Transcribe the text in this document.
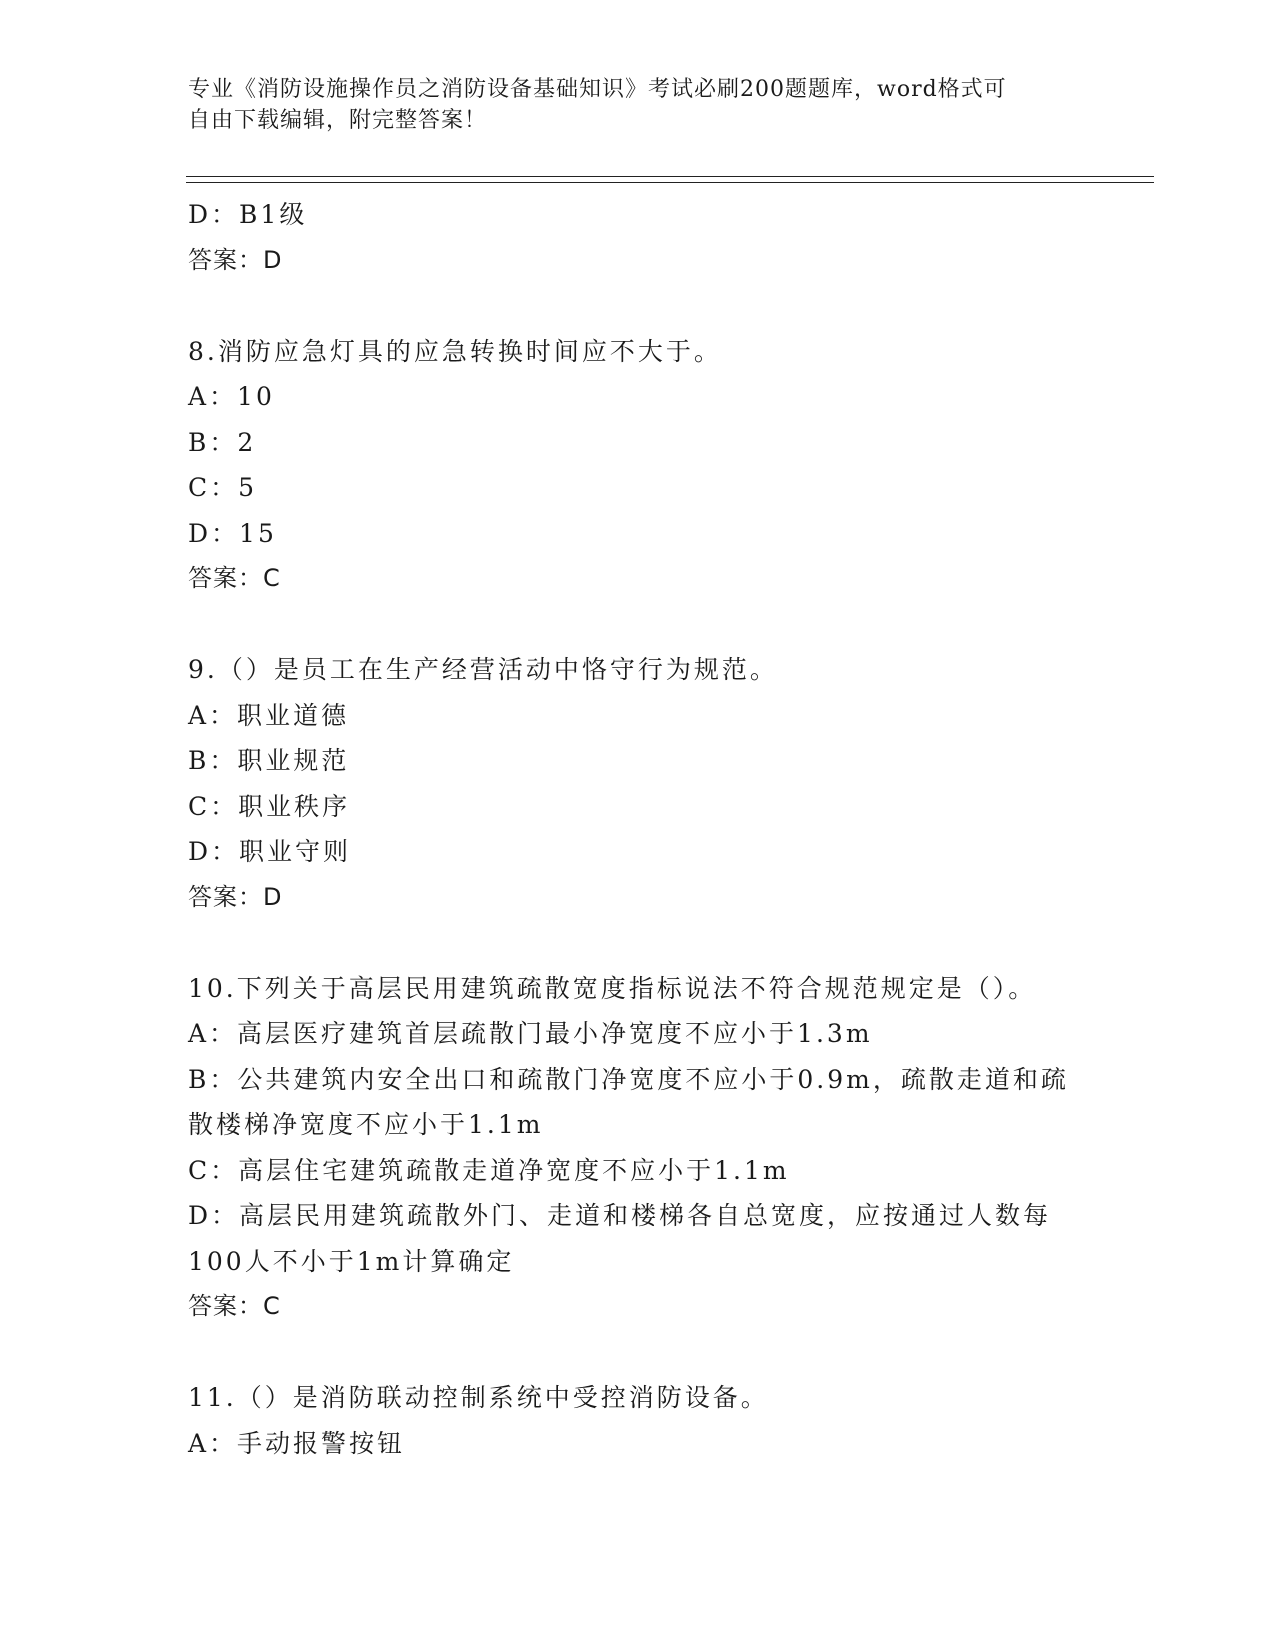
专业《消防设施操作员之消防设备基础知识》考试必刷200题题库，word格式可
自由下载编辑，附完整答案！
D：B1级
答案：D
8.消防应急灯具的应急转换时间应不大于。
A：10
B：2
C：5
D：15
答案：C
9.（）是员工在生产经营活动中恪守行为规范。
A：职业道德
B：职业规范
C：职业秩序
D：职业守则
答案：D
10.下列关于高层民用建筑疏散宽度指标说法不符合规范规定是（）。
A：高层医疗建筑首层疏散门最小净宽度不应小于1.3m
B：公共建筑内安全出口和疏散门净宽度不应小于0.9m，疏散走道和疏
散楼梯净宽度不应小于1.1m
C：高层住宅建筑疏散走道净宽度不应小于1.1m
D：高层民用建筑疏散外门、走道和楼梯各自总宽度，应按通过人数每
100人不小于1m计算确定
答案：C
11.（）是消防联动控制系统中受控消防设备。
A：手动报警按钮
